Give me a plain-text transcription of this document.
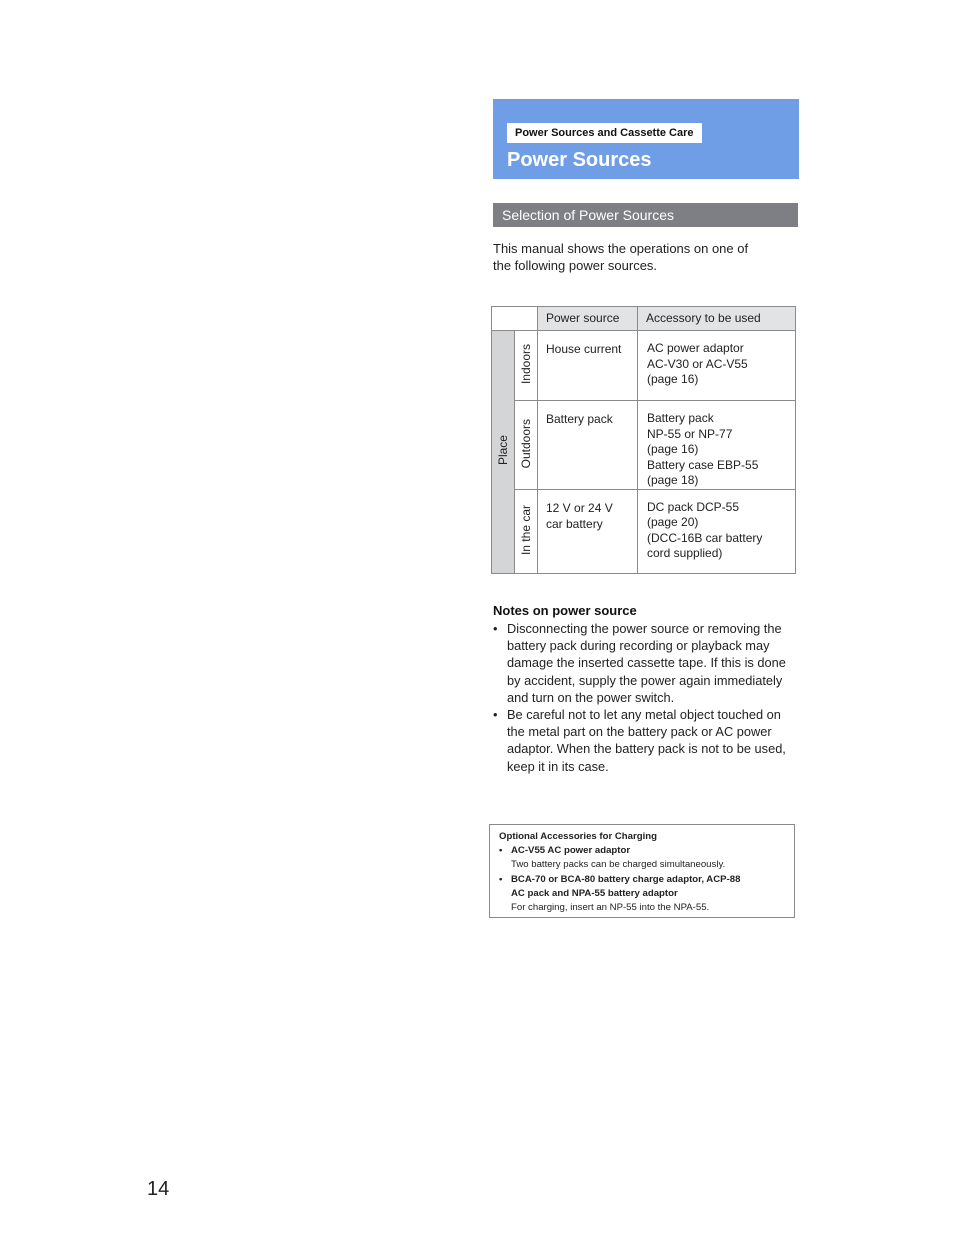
Power Sources and Cassette Care
Power Sources
Selection of Power Sources

This manual shows the operations on one of
the following power sources.

		Power source	Accessory to be used
Place	Indoors	House current	AC power adaptor
AC-V30 or AC-V55
(page 16)

	Outdoors	Battery pack	Battery pack
NP-55 or NP-77
(page 16)
Battery case EBP-55
(page 18)

	In the car	12 V or 24 V
car battery	DC pack DCP-55
(page 20)
(DCC-16B car battery
cord supplied)
Notes on power source
• Disconnecting the power source or removing the battery pack during recording or playback may damage the inserted cassette tape. If this is done by accident, supply the power again immediately and turn on the power switch.
• Be careful not to let any metal object touched on the metal part on the battery pack or AC power adaptor. When the battery pack is not to be used, keep it in its case.
Optional Accessories for Charging
• AC-V55 AC power adaptor
Two battery packs can be charged simultaneously.
• BCA-70 or BCA-80 battery charge adaptor, ACP-88
AC pack and NPA-55 battery adaptor
For charging, insert an NP-55 into the NPA-55.
14
